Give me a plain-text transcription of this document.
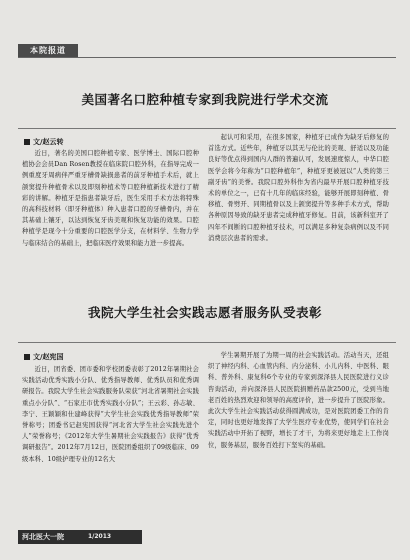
本院报道
美国著名口腔种植专家到我院进行学术交流
文/赵云转

近日，著名的美国口腔种植专家、医学博士、国际口腔种植协会会员Dan Rosen教授在临床院口腔外科，在指导完成一例重度牙周病伴严重牙槽骨缺损患者的前牙种植手术后，就上颌窦提升种植骨术以及即刻种植术等口腔种植新技术进行了精彩的讲解。种植牙是指患者缺牙后，医生采用手术方法将特殊的高科技材料（即牙种植体）种入患者口腔的牙槽骨内，并在其基础上镶牙，以达到恢复牙齿美观和恢复功能的效果。口腔种植学是现今十分重要的口腔医学分支，在材料学、生物力学与临床结合的基础上，把临床医疗效果和能力进一步提高。

起认可和采用，在很多国家，种植牙已成作为缺牙后修复的首选方式。近些年，种植牙以其无与伦比的美观、舒适以及功能良好等优点得到国内人群的普遍认可，发展速度惊人，中华口腔医学会将今年称为“口腔种植年”，种植牙更被冠以“人类的第三副牙齿”的美誉。我院口腔外科作为省内最早开展口腔种植牙技术的单位之一，已有十几年的临床经验，能够开展即刻种植、骨移植、骨劈开、同期植骨以及上颌窦提升等多种手术方式，帮助各种原因导致的缺牙患者完成种植牙修复。目前，该新科室开了四年不间断的口腔种植牙技术，可以满足多种复杂病例以及不同消费层次患者的需求。

我院大学生社会实践志愿者服务队受表彰
文/赵宪国

近日，团省委、团市委和学校团委表彰了2012年暑期社会实践活动优秀实践小分队、优秀指导教师、优秀队员和优秀调研报告。我院大学生社会实践服务队荣获“河北省暑期社会实践重点小分队”、“石家庄市优秀实践小分队”；王云彩、孙志敏、李宁、王颖颖和仕建峰获得“大学生社会实践优秀指导教师”荣誉称号；团委书记赵宪国获得“河北省大学生社会实践先进个人”荣誉称号；《2012年大学生暑期社会实践报告》获得“优秀调研报告”。2012年7月12日，医院团委组织了09级临床、09级本科、10级护理专业的12名大

学生暑期开展了为期一周的社会实践活动。活动当天，还组织了神经内科、心血管内科、内分泌科、小儿内科、中医科、眼科、普外科、康复科6个专业的专家到深泽县人民医院进行义诊咨询活动，并向深泽县人民医院捐赠药品款2500元，受到当地老百姓的热烈欢迎和领导的高度评价，进一步提升了医院形象。此次大学生社会实践活动获得圆满成功，是对医院团委工作的肯定，同时也更好地发挥了大学生医疗专业优势，使同学们在社会实践活动中开拓了视野，增长了才干，为将来更好地走上工作岗位，服务基层，服务百姓打下坚实的基础。

河北医大一院	1/2013
